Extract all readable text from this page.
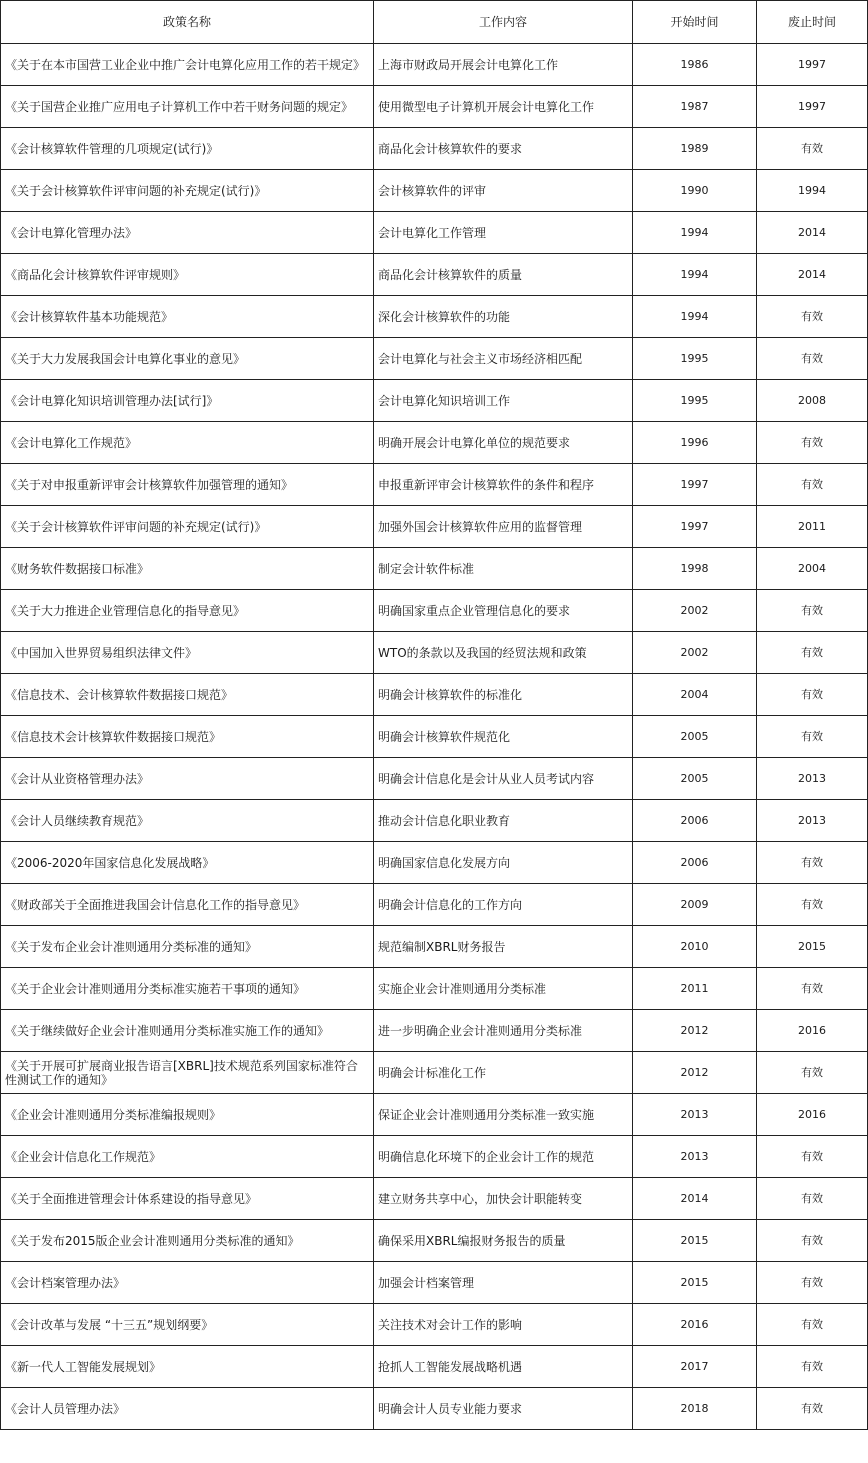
政策名称	工作内容	开始时间	废止时间
《关于在本市国营工业企业中推广会计电算化应用工作的若干规定》	上海市财政局开展会计电算化工作	1986	1997
《关于国营企业推广应用电子计算机工作中若干财务问题的规定》	使用微型电子计算机开展会计电算化工作	1987	1997
《会计核算软件管理的几项规定(试行)》	商品化会计核算软件的要求	1989	有效
《关于会计核算软件评审问题的补充规定(试行)》	会计核算软件的评审	1990	1994
《会计电算化管理办法》	会计电算化工作管理	1994	2014
《商品化会计核算软件评审规则》	商品化会计核算软件的质量	1994	2014
《会计核算软件基本功能规范》	深化会计核算软件的功能	1994	有效
《关于大力发展我国会计电算化事业的意见》	会计电算化与社会主义市场经济相匹配	1995	有效
《会计电算化知识培训管理办法[试行]》	会计电算化知识培训工作	1995	2008
《会计电算化工作规范》	明确开展会计电算化单位的规范要求	1996	有效
《关于对申报重新评审会计核算软件加强管理的通知》	申报重新评审会计核算软件的条件和程序	1997	有效
《关于会计核算软件评审问题的补充规定(试行)》	加强外国会计核算软件应用的监督管理	1997	2011
《财务软件数据接口标准》	制定会计软件标准	1998	2004
《关于大力推进企业管理信息化的指导意见》	明确国家重点企业管理信息化的要求	2002	有效
《中国加入世界贸易组织法律文件》	WTO的条款以及我国的经贸法规和政策	2002	有效
《信息技术、会计核算软件数据接口规范》	明确会计核算软件的标准化	2004	有效
《信息技术会计核算软件数据接口规范》	明确会计核算软件规范化	2005	有效
《会计从业资格管理办法》	明确会计信息化是会计从业人员考试内容	2005	2013
《会计人员继续教育规范》	推动会计信息化职业教育	2006	2013
《2006-2020年国家信息化发展战略》	明确国家信息化发展方向	2006	有效
《财政部关于全面推进我国会计信息化工作的指导意见》	明确会计信息化的工作方向	2009	有效
《关于发布企业会计准则通用分类标准的通知》	规范编制XBRL财务报告	2010	2015
《关于企业会计准则通用分类标准实施若干事项的通知》	实施企业会计准则通用分类标准	2011	有效
《关于继续做好企业会计准则通用分类标准实施工作的通知》	进一步明确企业会计准则通用分类标准	2012	2016
《关于开展可扩展商业报告语言[XBRL]技术规范系列国家标准符合性测试工作的通知》	明确会计标准化工作	2012	有效
《企业会计准则通用分类标准编报规则》	保证企业会计准则通用分类标准一致实施	2013	2016
《企业会计信息化工作规范》	明确信息化环境下的企业会计工作的规范	2013	有效
《关于全面推进管理会计体系建设的指导意见》	建立财务共享中心，加快会计职能转变	2014	有效
《关于发布2015版企业会计准则通用分类标准的通知》	确保采用XBRL编报财务报告的质量	2015	有效
《会计档案管理办法》	加强会计档案管理	2015	有效
《会计改革与发展 “十三五”规划纲要》	关注技术对会计工作的影响	2016	有效
《新一代人工智能发展规划》	抢抓人工智能发展战略机遇	2017	有效
《会计人员管理办法》	明确会计人员专业能力要求	2018	有效
